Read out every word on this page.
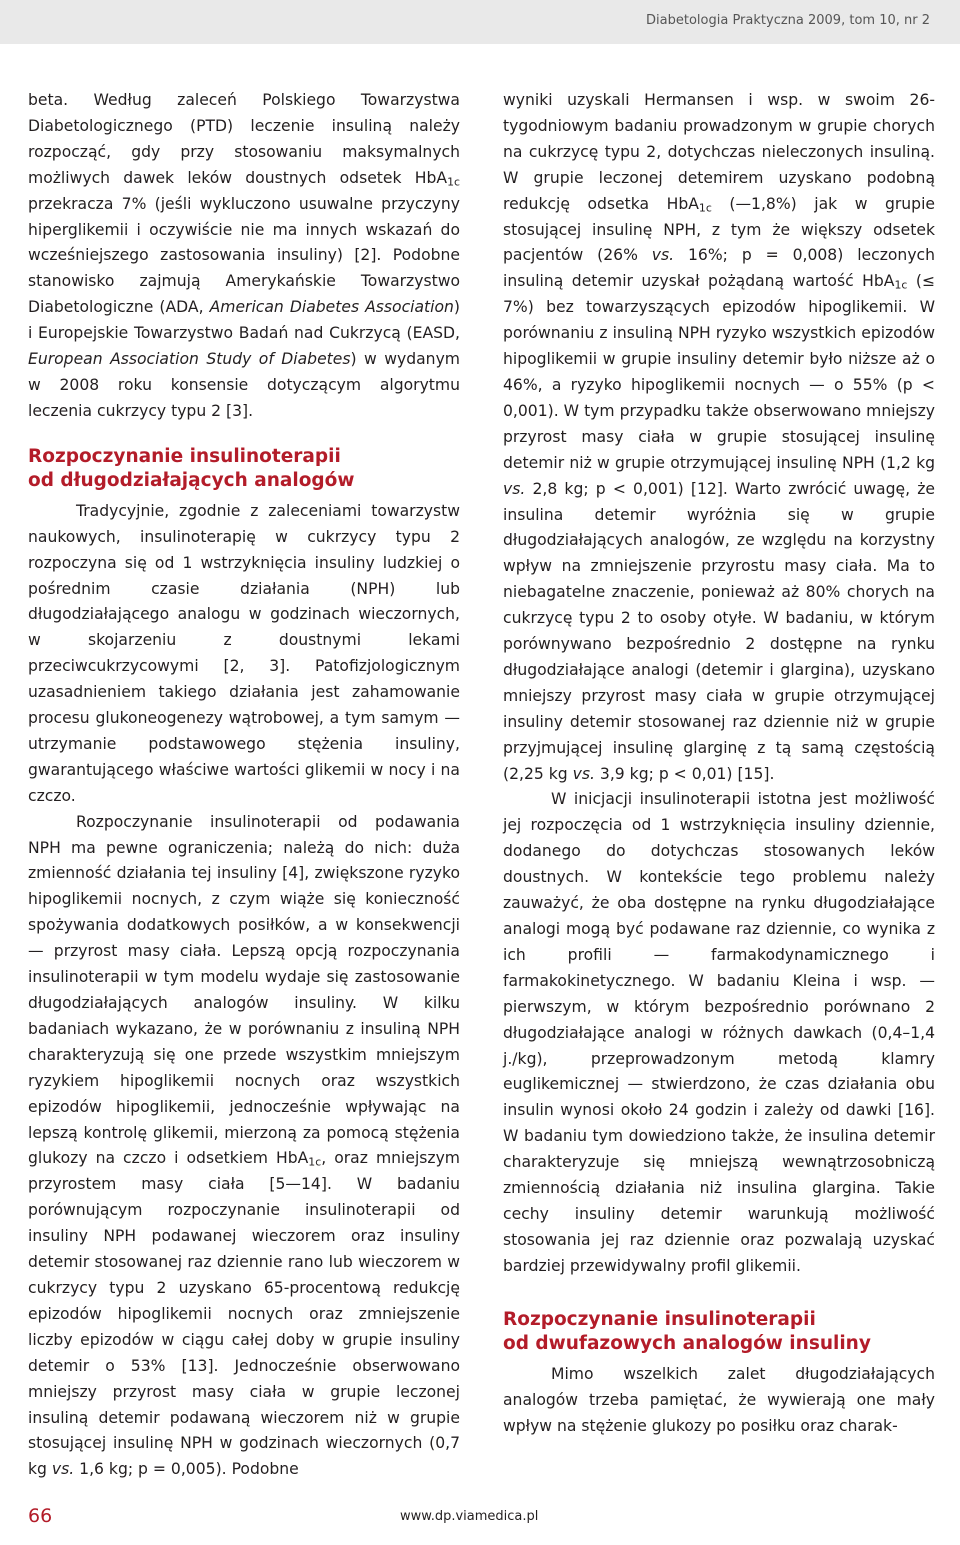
Diabetologia Praktyczna 2009, tom 10, nr 2

beta. Według zaleceń Polskiego Towarzystwa Diabetologicznego (PTD) leczenie insuliną należy rozpocząć, gdy przy stosowaniu maksymalnych możliwych dawek leków doustnych odsetek HbA$_{1c}$ przekracza 7% (jeśli wykluczono usuwalne przyczyny hiperglikemii i oczywiście nie ma innych wskazań do wcześniejszego zastosowania insuliny) [2]. Podobne stanowisko zajmują Amerykańskie Towarzystwo Diabetologiczne (ADA, American Diabetes Association) i Europejskie Towarzystwo Badań nad Cukrzycą (EASD, European Association Study of Diabetes) w wydanym w 2008 roku konsensie dotyczącym algorytmu leczenia cukrzycy typu 2 [3].

Rozpoczynanie insulinoterapii
od długodziałających analogów

Tradycyjnie, zgodnie z zaleceniami towarzystw naukowych, insulinoterapię w cukrzycy typu 2 rozpoczyna się od 1 wstrzyknięcia insuliny ludzkiej o pośrednim czasie działania (NPH) lub długodziałającego analogu w godzinach wieczornych, w skojarzeniu z doustnymi lekami przeciwcukrzycowymi [2, 3]. Patofizjologicznym uzasadnieniem takiego działania jest zahamowanie procesu glukoneogenezy wątrobowej, a tym samym — utrzymanie podstawowego stężenia insuliny, gwarantującego właściwe wartości glikemii w nocy i na czczo.

Rozpoczynanie insulinoterapii od podawania NPH ma pewne ograniczenia; należą do nich: duża zmienność działania tej insuliny [4], zwiększone ryzyko hipoglikemii nocnych, z czym wiąże się konieczność spożywania dodatkowych posiłków, a w konsekwencji — przyrost masy ciała. Lepszą opcją rozpoczynania insulinoterapii w tym modelu wydaje się zastosowanie długodziałających analogów insuliny. W kilku badaniach wykazano, że w porównaniu z insuliną NPH charakteryzują się one przede wszystkim mniejszym ryzykiem hipoglikemii nocnych oraz wszystkich epizodów hipoglikemii, jednocześnie wpływając na lepszą kontrolę glikemii, mierzoną za pomocą stężenia glukozy na czczo i odsetkiem HbA$_{1c}$, oraz mniejszym przyrostem masy ciała [5—14]. W badaniu porównującym rozpoczynanie insulinoterapii od insuliny NPH podawanej wieczorem oraz insuliny detemir stosowanej raz dziennie rano lub wieczorem w cukrzycy typu 2 uzyskano 65-procentową redukcję epizodów hipoglikemii nocnych oraz zmniejszenie liczby epizodów w ciągu całej doby w grupie insuliny detemir o 53% [13]. Jednocześnie obserwowano mniejszy przyrost masy ciała w grupie leczonej insuliną detemir podawaną wieczorem niż w grupie stosującej insulinę NPH w godzinach wieczornych (0,7 kg vs. 1,6 kg; p = 0,005). Podobne

wyniki uzyskali Hermansen i wsp. w swoim 26-tygodniowym badaniu prowadzonym w grupie chorych na cukrzycę typu 2, dotychczas nieleczonych insuliną. W grupie leczonej detemirem uzyskano podobną redukcję odsetka HbA$_{1c}$ (—1,8%) jak w grupie stosującej insulinę NPH, z tym że większy odsetek pacjentów (26% vs. 16%; p = 0,008) leczonych insuliną detemir uzyskał pożądaną wartość HbA$_{1c}$ (≤ 7%) bez towarzyszących epizodów hipoglikemii. W porównaniu z insuliną NPH ryzyko wszystkich epizodów hipoglikemii w grupie insuliny detemir było niższe aż o 46%, a ryzyko hipoglikemii nocnych — o 55% (p < 0,001). W tym przypadku także obserwowano mniejszy przyrost masy ciała w grupie stosującej insulinę detemir niż w grupie otrzymującej insulinę NPH (1,2 kg vs. 2,8 kg; p < 0,001) [12]. Warto zwrócić uwagę, że insulina detemir wyróżnia się w grupie długodziałających analogów, ze względu na korzystny wpływ na zmniejszenie przyrostu masy ciała. Ma to niebagatelne znaczenie, ponieważ aż 80% chorych na cukrzycę typu 2 to osoby otyłe. W badaniu, w którym porównywano bezpośrednio 2 dostępne na rynku długodziałające analogi (detemir i glargina), uzyskano mniejszy przyrost masy ciała w grupie otrzymującej insuliny detemir stosowanej raz dziennie niż w grupie przyjmującej insulinę glarginę z tą samą częstością (2,25 kg vs. 3,9 kg; p < 0,01) [15].

W inicjacji insulinoterapii istotna jest możliwość jej rozpoczęcia od 1 wstrzyknięcia insuliny dziennie, dodanego do dotychczas stosowanych leków doustnych. W kontekście tego problemu należy zauważyć, że oba dostępne na rynku długodziałające analogi mogą być podawane raz dziennie, co wynika z ich profili	—	farmakodynamicznego i farmakokinetycznego. W badaniu Kleina i wsp. — pierwszym, w którym bezpośrednio porównano 2 długodziałające analogi w różnych dawkach (0,4–1,4 j./kg), przeprowadzonym metodą klamry euglikemicznej — stwierdzono, że czas działania obu insulin wynosi około 24 godzin i zależy od dawki [16]. W badaniu tym dowiedziono także, że insulina detemir charakteryzuje się mniejszą wewnątrzosobniczą zmiennością działania niż insulina glargina. Takie cechy insuliny detemir warunkują możliwość stosowania jej raz dziennie oraz pozwalają uzyskać bardziej przewidywalny profil glikemii.

Rozpoczynanie insulinoterapii
od dwufazowych analogów insuliny

Mimo wszelkich zalet długodziałających analogów trzeba pamiętać, że wywierają one mały wpływ na stężenie glukozy po posiłku oraz charak-

66	www.dp.viamedica.pl
